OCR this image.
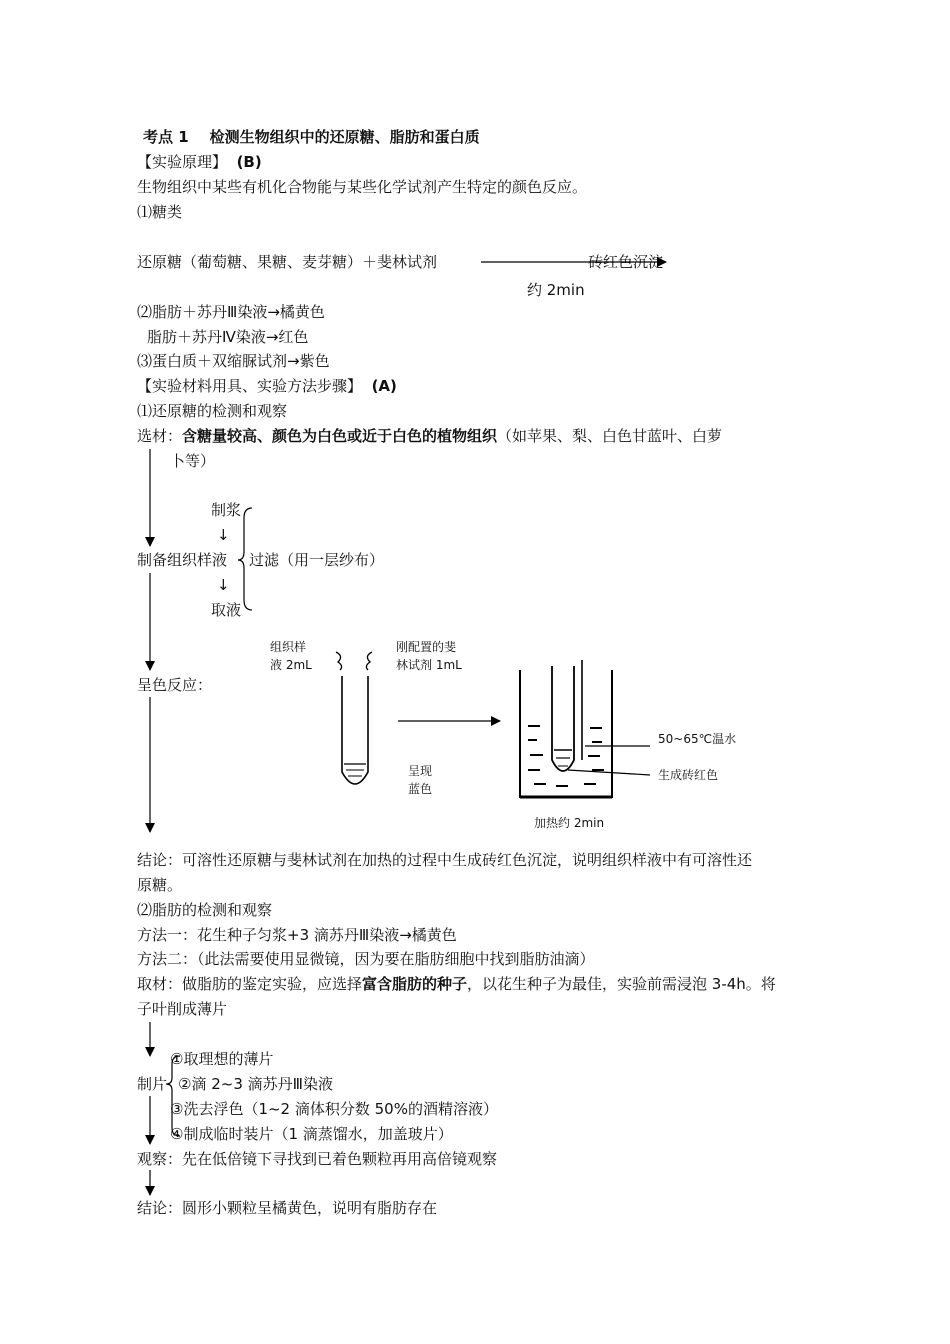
考点 1 检测生物组织中的还原糖、脂肪和蛋白质
【实验原理】 (B)
生物组织中某些有机化合物能与某些化学试剂产生特定的颜色反应。
⑴糖类
还原糖（葡萄糖、果糖、麦芽糖）＋斐林试剂	砖红色沉淀
约 2min
⑵脂肪＋苏丹Ⅲ染液→橘黄色
脂肪＋苏丹Ⅳ染液→红色
⑶蛋白质＋双缩脲试剂→紫色
【实验材料用具、实验方法步骤】 (A)
⑴还原糖的检测和观察
选材：含糖量较高、颜色为白色或近于白色的植物组织（如苹果、梨、白色甘蓝叶、白萝
卜等）
制浆
↓
制备组织样液 过滤（用一层纱布）
↓
取液
呈色反应：
组织样
液 2mL
刚配置的斐
林试剂 1mL
呈现
蓝色
50~65℃温水
生成砖红色
加热约 2min
结论：可溶性还原糖与斐林试剂在加热的过程中生成砖红色沉淀，说明组织样液中有可溶性还
原糖。
⑵脂肪的检测和观察
方法一：花生种子匀浆+3 滴苏丹Ⅲ染液→橘黄色
方法二：（此法需要使用显微镜，因为要在脂肪细胞中找到脂肪油滴）
取材：做脂肪的鉴定实验，应选择富含脂肪的种子，以花生种子为最佳，实验前需浸泡 3-4h。将
子叶削成薄片
①取理想的薄片
制片 ②滴 2~3 滴苏丹Ⅲ染液
③洗去浮色（1~2 滴体积分数 50%的酒精溶液）
④制成临时装片（1 滴蒸馏水，加盖玻片）
观察：先在低倍镜下寻找到已着色颗粒再用高倍镜观察
结论：圆形小颗粒呈橘黄色，说明有脂肪存在
